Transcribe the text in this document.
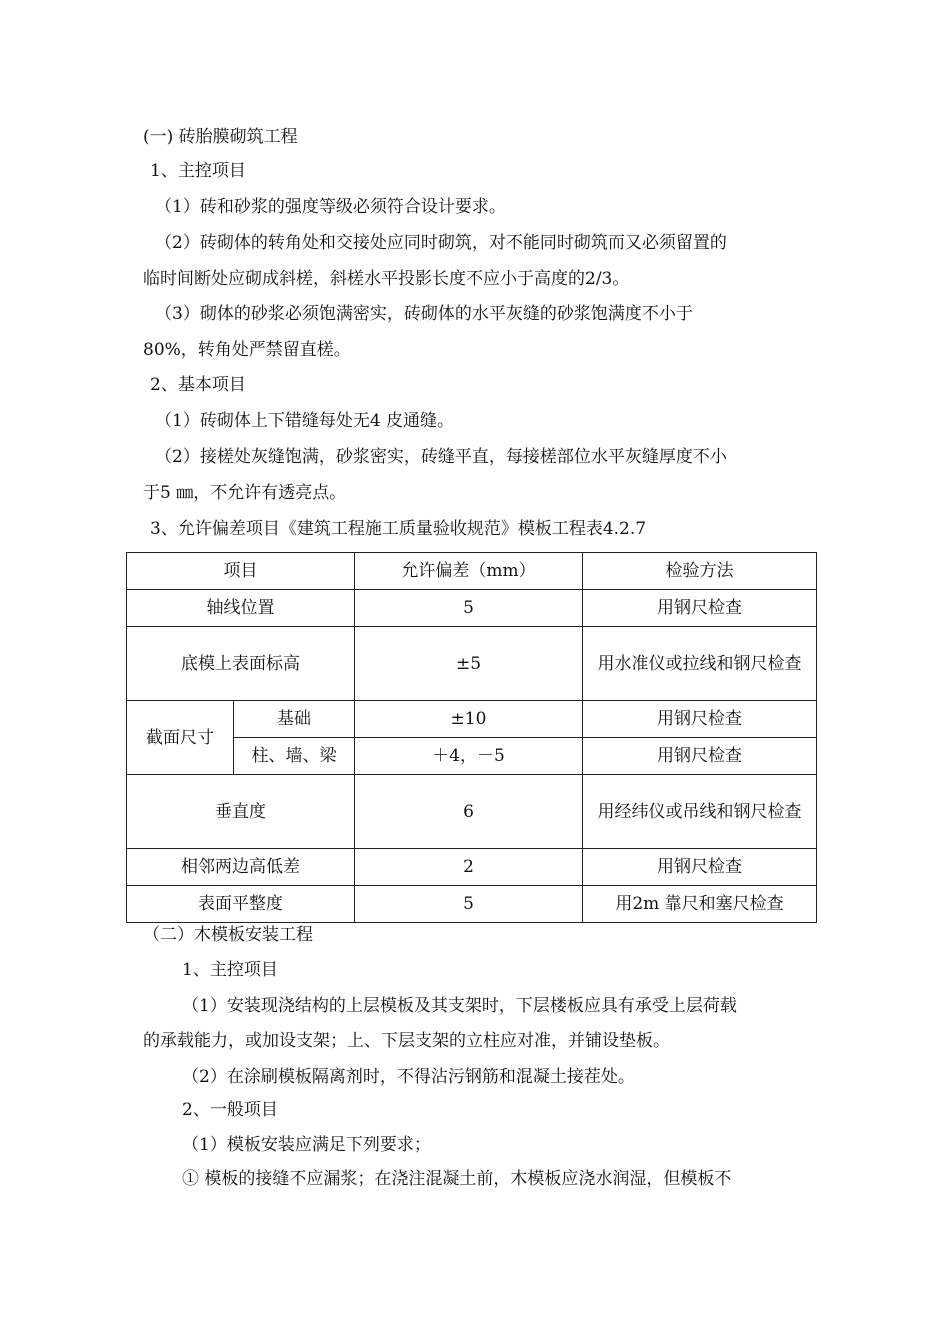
(一) 砖胎膜砌筑工程
1、主控项目
（1）砖和砂浆的强度等级必须符合设计要求。
（2）砖砌体的转角处和交接处应同时砌筑，对不能同时砌筑而又必须留置的
临时间断处应砌成斜槎，斜槎水平投影长度不应小于高度的2/3。
（3）砌体的砂浆必须饱满密实，砖砌体的水平灰缝的砂浆饱满度不小于
80%，转角处严禁留直槎。
2、基本项目
（1）砖砌体上下错缝每处无4 皮通缝。
（2）接槎处灰缝饱满，砂浆密实，砖缝平直，每接槎部位水平灰缝厚度不小
于5 ㎜，不允许有透亮点。
3、允许偏差项目《建筑工程施工质量验收规范》模板工程表4.2.7
项目		允许偏差（mm）	检验方法
轴线位置		5	用钢尺检查
底模上表面标高		±5	用水准仪或拉线和钢尺检查
截面尺寸	基础	±10	用钢尺检查
	柱、墙、梁	＋4，－5	用钢尺检查
垂直度		6	用经纬仪或吊线和钢尺检查
相邻两边高低差		2	用钢尺检查
表面平整度		5	用2m 靠尺和塞尺检查
（二）木模板安装工程
1、主控项目
（1）安装现浇结构的上层模板及其支架时，下层楼板应具有承受上层荷载
的承载能力，或加设支架；上、下层支架的立柱应对准，并铺设垫板。
（2）在涂刷模板隔离剂时，不得沾污钢筋和混凝土接茬处。
2、一般项目
（1）模板安装应满足下列要求；
① 模板的接缝不应漏浆；在浇注混凝土前，木模板应浇水润湿，但模板不
